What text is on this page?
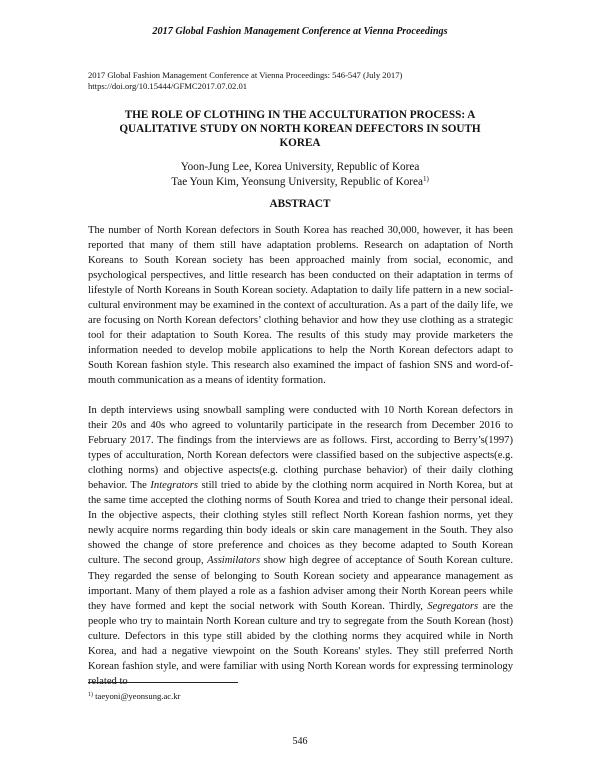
2017 Global Fashion Management Conference at Vienna Proceedings
2017 Global Fashion Management Conference at Vienna Proceedings: 546-547 (July 2017)
https://doi.org/10.15444/GFMC2017.07.02.01
THE ROLE OF CLOTHING IN THE ACCULTURATION PROCESS: A QUALITATIVE STUDY ON NORTH KOREAN DEFECTORS IN SOUTH KOREA
Yoon-Jung Lee, Korea University, Republic of Korea
Tae Youn Kim, Yeonsung University, Republic of Korea$^{1)}$
ABSTRACT

The number of North Korean defectors in South Korea has reached 30,000, however, it has been reported that many of them still have adaptation problems. Research on adaptation of North Koreans to South Korean society has been approached mainly from social, economic, and psychological perspectives, and little research has been conducted on their adaptation in terms of lifestyle of North Koreans in South Korean society. Adaptation to daily life pattern in a new social-cultural environment may be examined in the context of acculturation. As a part of the daily life, we are focusing on North Korean defectors’ clothing behavior and how they use clothing as a strategic tool for their adaptation to South Korea. The results of this study may provide marketers the information needed to develop mobile applications to help the North Korean defectors adapt to South Korean fashion style. This research also examined the impact of fashion SNS and word-of-mouth communication as a means of identity formation.

In depth interviews using snowball sampling were conducted with 10 North Korean defectors in their 20s and 40s who agreed to voluntarily participate in the research from December 2016 to February 2017. The findings from the interviews are as follows. First, according to Berry’s(1997) types of acculturation, North Korean defectors were classified based on the subjective aspects(e.g. clothing norms) and objective aspects(e.g. clothing purchase behavior) of their daily clothing behavior. The Integrators still tried to abide by the clothing norm acquired in North Korea, but at the same time accepted the clothing norms of South Korea and tried to change their personal ideal. In the objective aspects, their clothing styles still reflect North Korean fashion norms, yet they newly acquire norms regarding thin body ideals or skin care management in the South. They also showed the change of store preference and choices as they become adapted to South Korean culture. The second group, Assimilators show high degree of acceptance of South Korean culture. They regarded the sense of belonging to South Korean society and appearance management as important. Many of them played a role as a fashion adviser among their North Korean peers while they have formed and kept the social network with South Korean. Thirdly, Segregators are the people who try to maintain North Korean culture and try to segregate from the South Korean (host) culture. Defectors in this type still abided by the clothing norms they acquired while in North Korea, and had a negative viewpoint on the South Koreans' styles. They still preferred North Korean fashion style, and were familiar with using North Korean words for expressing terminology related to

$^{1)}$ taeyoni@yeonsung.ac.kr
546
